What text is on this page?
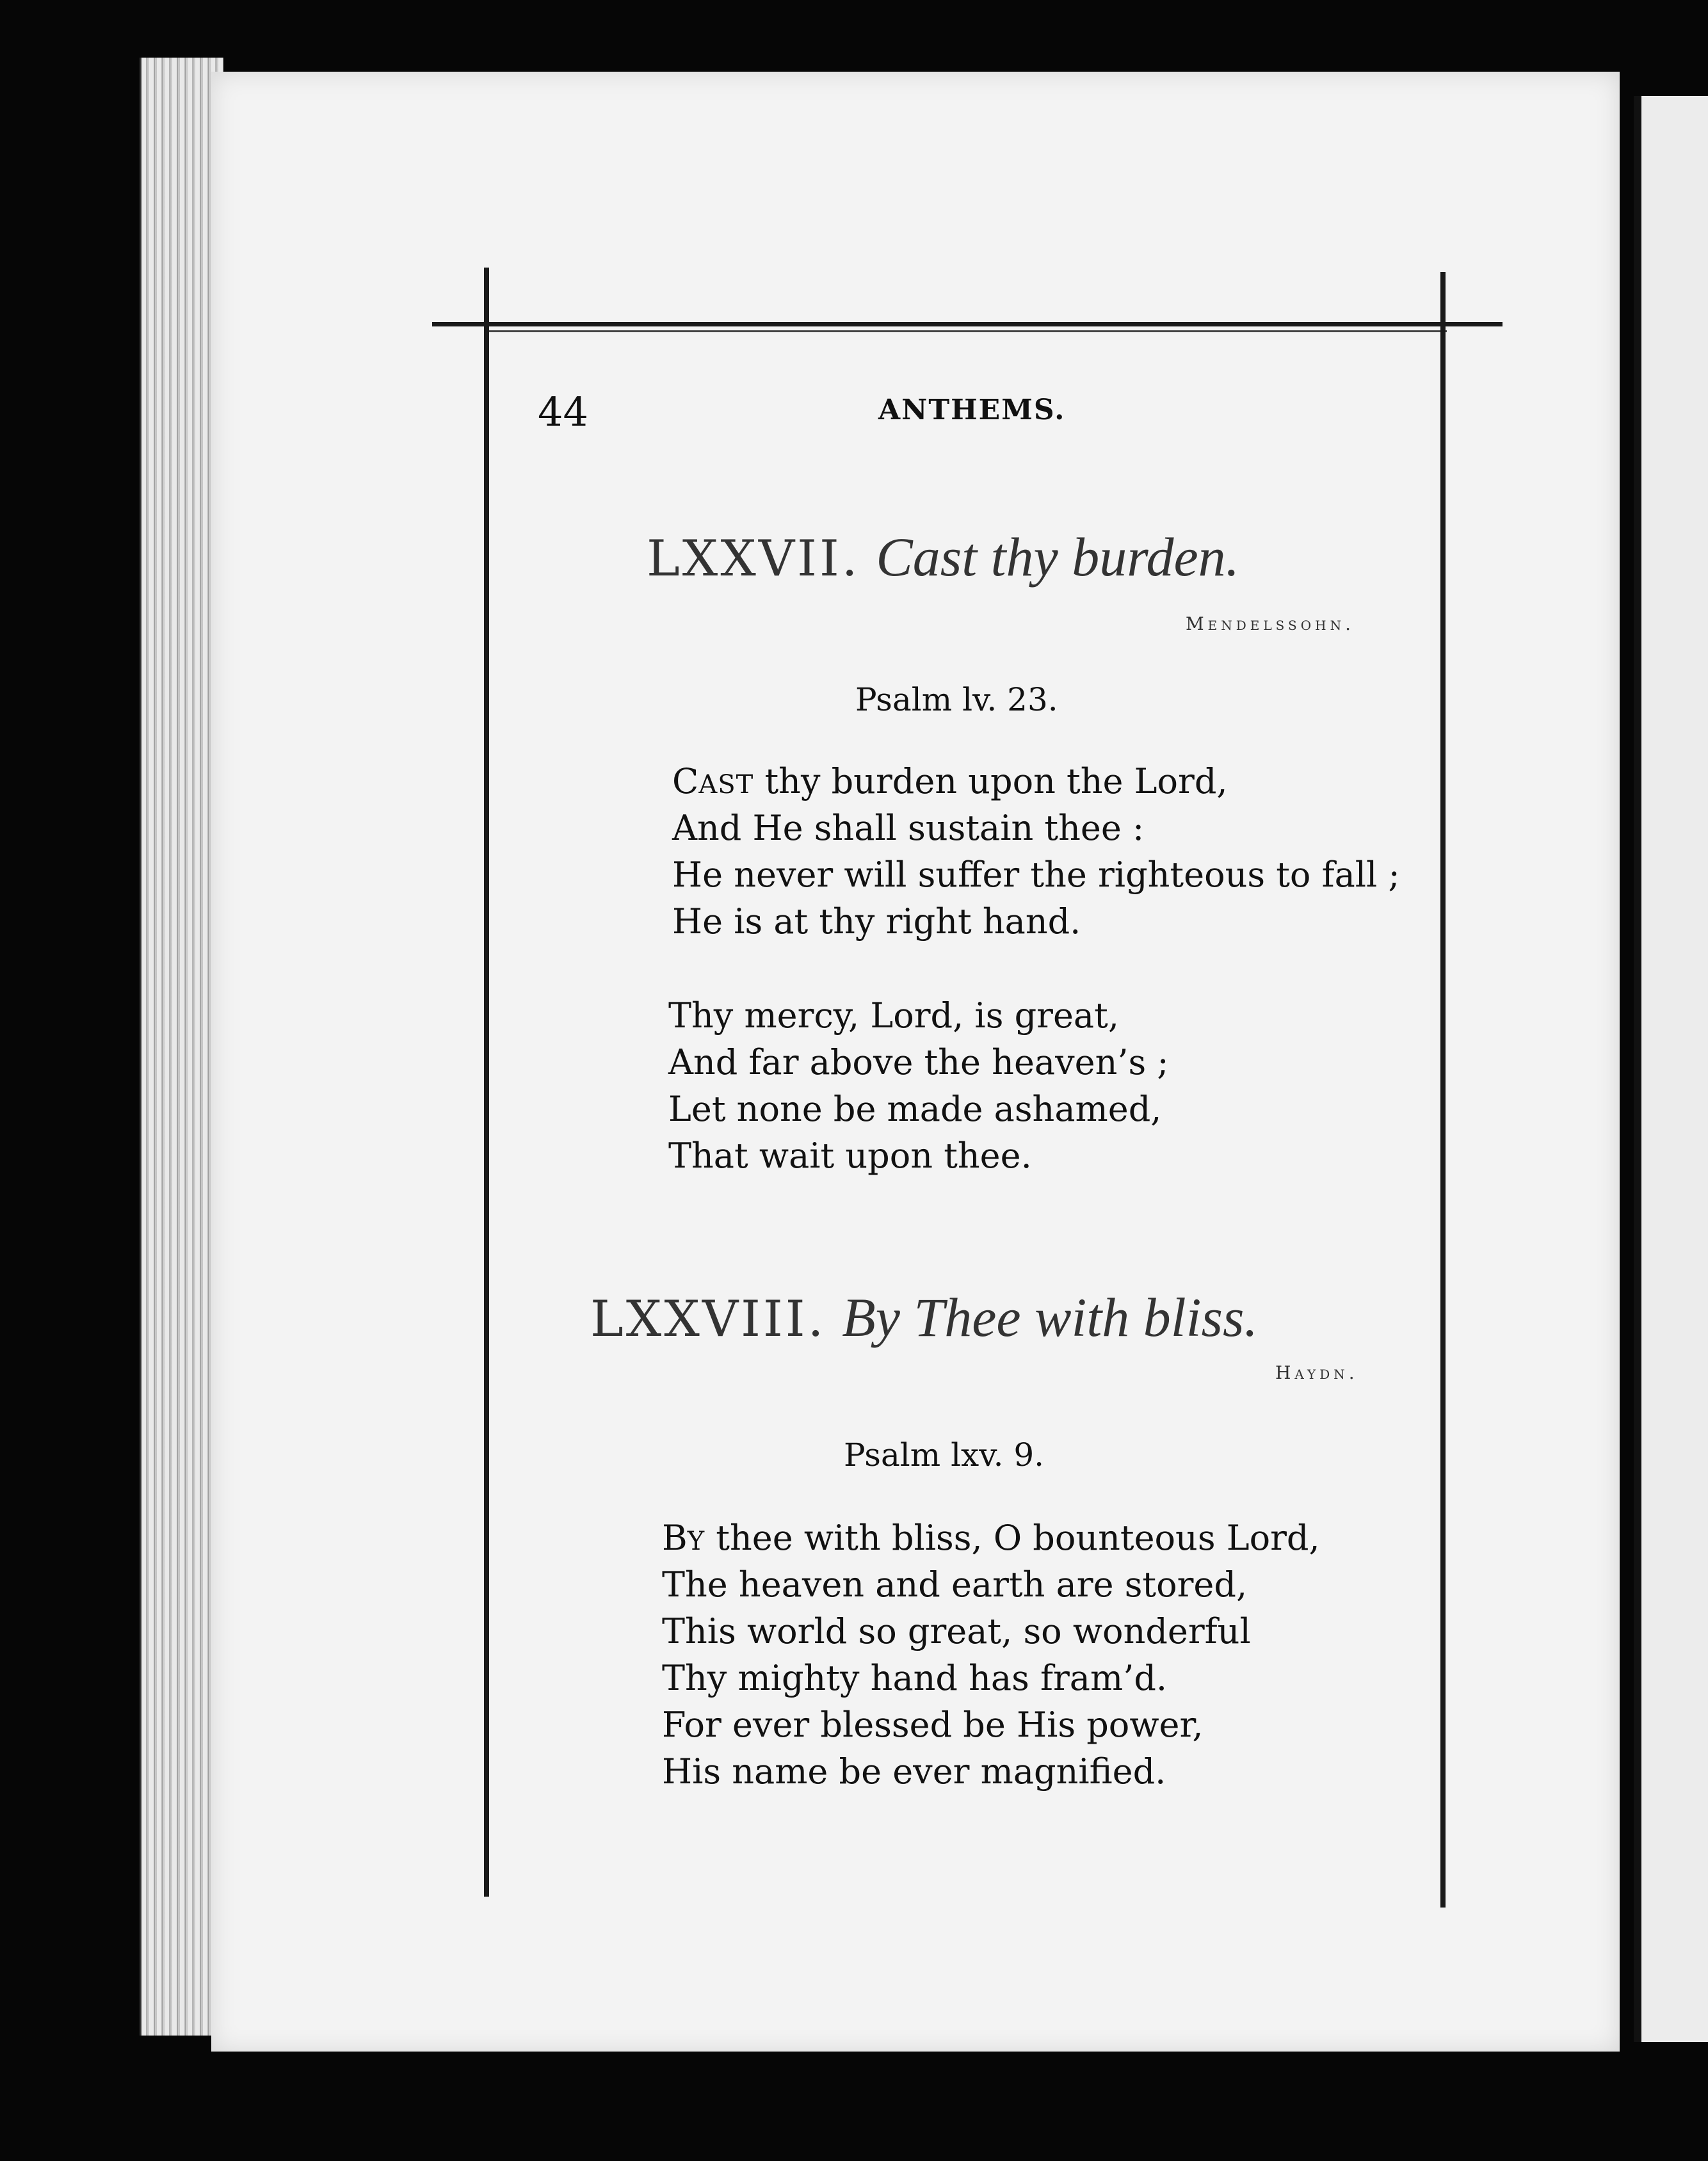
44	ANTHEMS.
LXXVII. Cast thy burden.
Mendelssohn.
Psalm lv. 23.
CAST thy burden upon the Lord,
And He shall sustain thee :
He never will suffer the righteous to fall ;
He is at thy right hand.
Thy mercy, Lord, is great,
And far above the heaven’s ;
Let none be made ashamed,
That wait upon thee.
LXXVIII. By Thee with bliss.
Haydn.
Psalm lxv. 9.
BY thee with bliss, O bounteous Lord,
The heaven and earth are stored,
This world so great, so wonderful
Thy mighty hand has fram’d.
For ever blessed be His power,
His name be ever magnified.
